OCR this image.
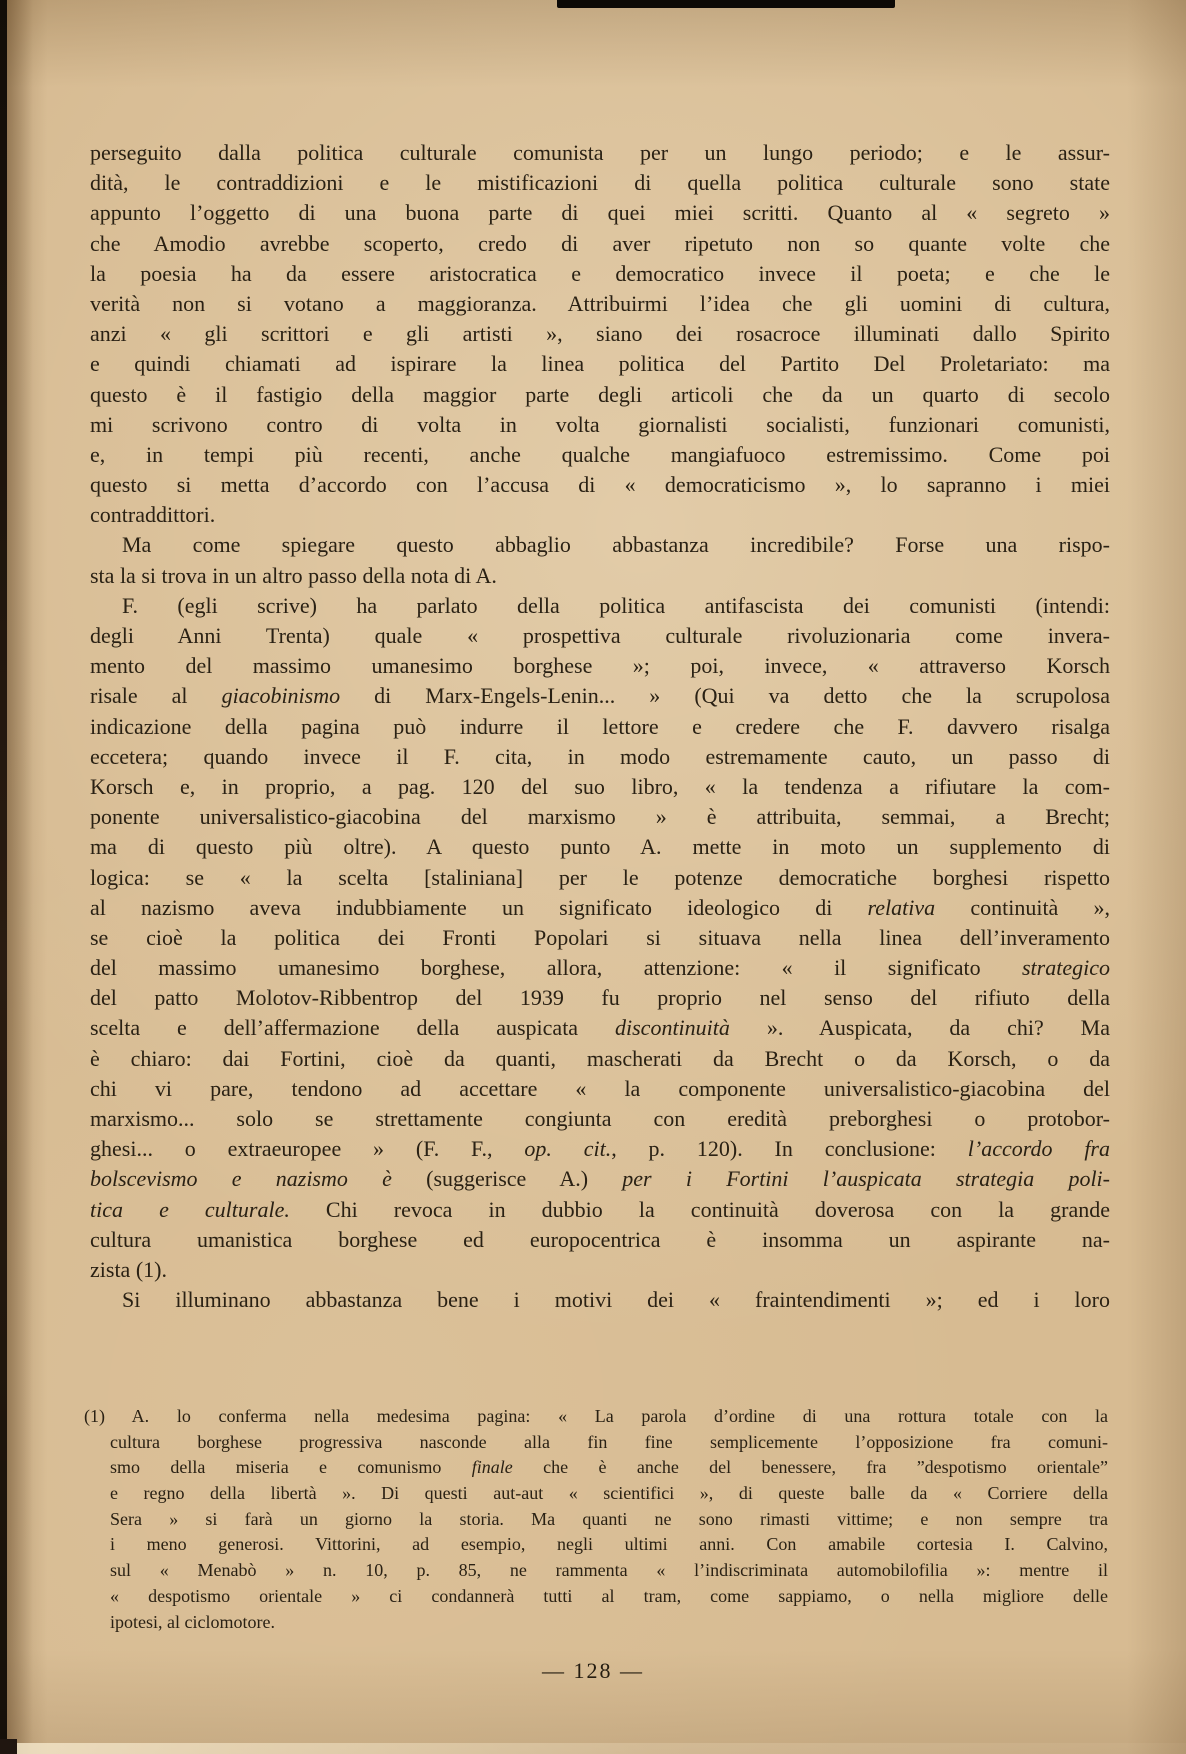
perseguito dalla politica culturale comunista per un lungo periodo; e le assur-
dità, le contraddizioni e le mistificazioni di quella politica culturale sono state
appunto l’oggetto di una buona parte di quei miei scritti. Quanto al « segreto »
che Amodio avrebbe scoperto, credo di aver ripetuto non so quante volte che
la poesia ha da essere aristocratica e democratico invece il poeta; e che le
verità non si votano a maggioranza. Attribuirmi l’idea che gli uomini di cultura,
anzi « gli scrittori e gli artisti », siano dei rosacroce illuminati dallo Spirito
e quindi chiamati ad ispirare la linea politica del Partito Del Proletariato: ma
questo è il fastigio della maggior parte degli articoli che da un quarto di secolo
mi scrivono contro di volta in volta giornalisti socialisti, funzionari comunisti,
e, in tempi più recenti, anche qualche mangiafuoco estremissimo. Come poi
questo si metta d’accordo con l’accusa di « democraticismo », lo sapranno i miei
contraddittori.
Ma come spiegare questo abbaglio abbastanza incredibile? Forse una rispo-
sta la si trova in un altro passo della nota di A.
F. (egli scrive) ha parlato della politica antifascista dei comunisti (intendi:
degli Anni Trenta) quale « prospettiva culturale rivoluzionaria come invera-
mento del massimo umanesimo borghese »; poi, invece, « attraverso Korsch
risale al giacobinismo di Marx-Engels-Lenin... » (Qui va detto che la scrupolosa
indicazione della pagina può indurre il lettore e credere che F. davvero risalga
eccetera; quando invece il F. cita, in modo estremamente cauto, un passo di
Korsch e, in proprio, a pag. 120 del suo libro, « la tendenza a rifiutare la com-
ponente universalistico-giacobina del marxismo » è attribuita, semmai, a Brecht;
ma di questo più oltre). A questo punto A. mette in moto un supplemento di
logica: se « la scelta [staliniana] per le potenze democratiche borghesi rispetto
al nazismo aveva indubbiamente un significato ideologico di relativa continuità »,
se cioè la politica dei Fronti Popolari si situava nella linea dell’inveramento
del massimo umanesimo borghese, allora, attenzione: « il significato strategico
del patto Molotov-Ribbentrop del 1939 fu proprio nel senso del rifiuto della
scelta e dell’affermazione della auspicata discontinuità ». Auspicata, da chi? Ma
è chiaro: dai Fortini, cioè da quanti, mascherati da Brecht o da Korsch, o da
chi vi pare, tendono ad accettare « la componente universalistico-giacobina del
marxismo... solo se strettamente congiunta con eredità preborghesi o protobor-
ghesi... o extraeuropee » (F. F., op. cit., p. 120). In conclusione: l’accordo fra
bolscevismo e nazismo è (suggerisce A.) per i Fortini l’auspicata strategia poli-
tica e culturale. Chi revoca in dubbio la continuità doverosa con la grande
cultura umanistica borghese ed europocentrica è insomma un aspirante na-
zista (1).
Si illuminano abbastanza bene i motivi dei « fraintendimenti »; ed i loro
(1) A. lo conferma nella medesima pagina: « La parola d’ordine di una rottura totale con la
cultura borghese progressiva nasconde alla fin fine semplicemente l’opposizione fra comuni-
smo della miseria e comunismo finale che è anche del benessere, fra ”despotismo orientale”
e regno della libertà ». Di questi aut-aut « scientifici », di queste balle da « Corriere della
Sera » si farà un giorno la storia. Ma quanti ne sono rimasti vittime; e non sempre tra
i meno generosi. Vittorini, ad esempio, negli ultimi anni. Con amabile cortesia I. Calvino,
sul « Menabò » n. 10, p. 85, ne rammenta « l’indiscriminata automobilofilia »: mentre il
« despotismo orientale » ci condannerà tutti al tram, come sappiamo, o nella migliore delle
ipotesi, al ciclomotore.
— 128 —
